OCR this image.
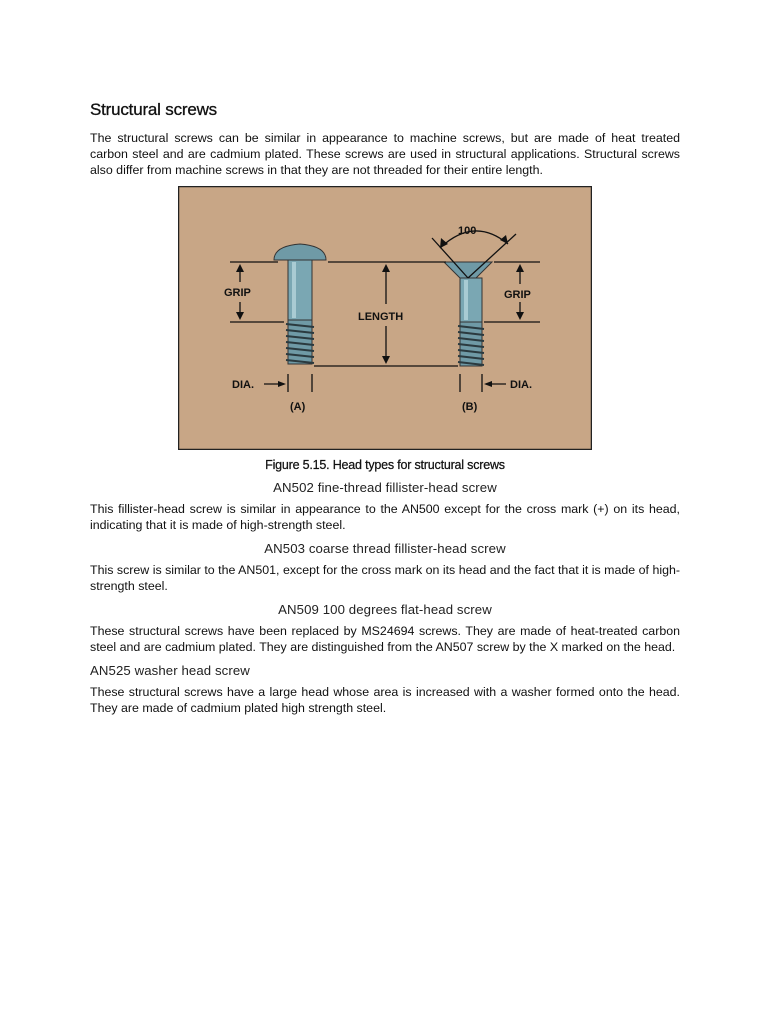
Structural screws

The structural screws can be similar in appearance to machine screws, but are made of heat treated carbon steel and are cadmium plated. These screws are used in structural applications. Structural screws also differ from machine screws in that they are not threaded for their entire length.

GRIP	GRIP
LENGTH
DIA.	DIA.
(A)	(B)
100
Figure 5.15. Head types for structural screws
AN502 fine-thread fillister-head screw

This fillister-head screw is similar in appearance to the AN500 except for the cross mark (+) on its head, indicating that it is made of high-strength steel.

AN503 coarse thread fillister-head screw

This screw is similar to the AN501, except for the cross mark on its head and the fact that it is made of high-strength steel.

AN509 100 degrees flat-head screw

These structural screws have been replaced by MS24694 screws. They are made of heat-treated carbon steel and are cadmium plated. They are distinguished from the AN507 screw by the X marked on the head.

AN525 washer head screw

These structural screws have a large head whose area is increased with a washer formed onto the head. They are made of cadmium plated high strength steel.
